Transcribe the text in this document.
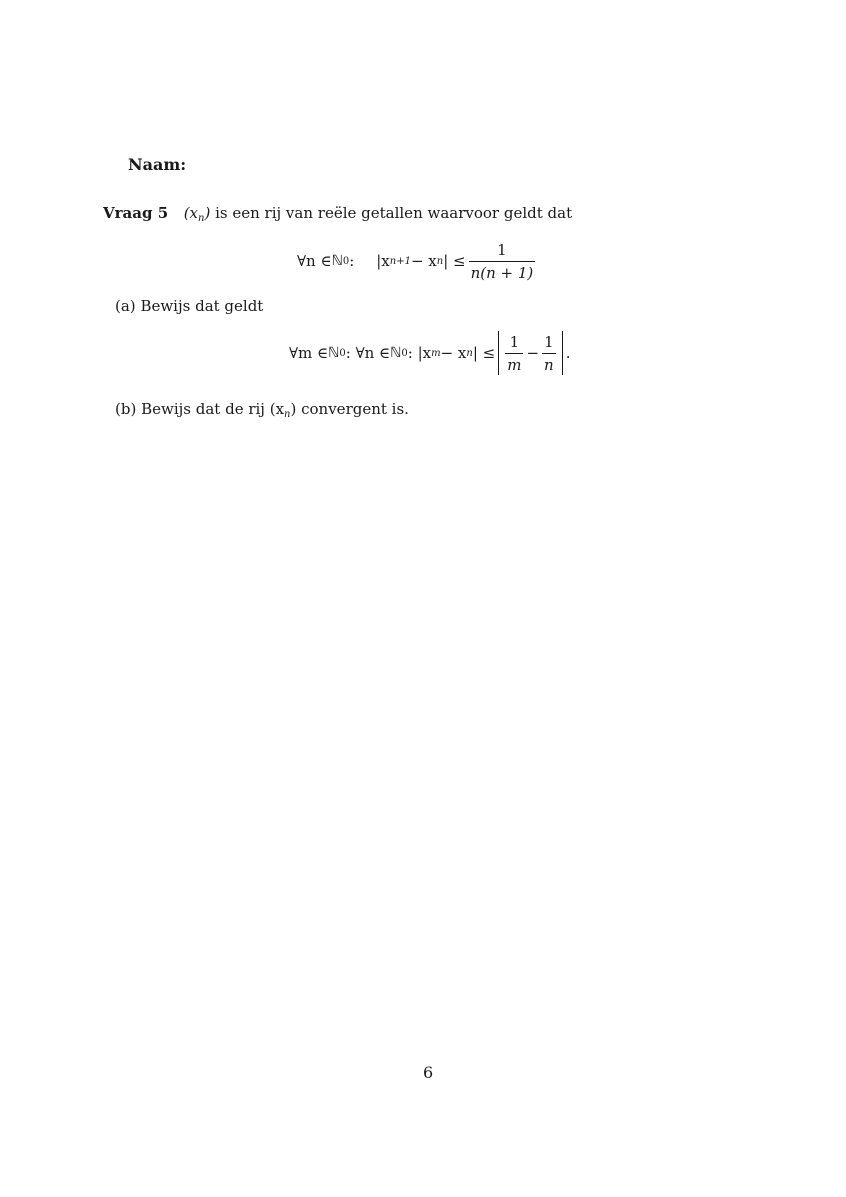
Naam:
Vraag 5 $(x_n)$ is een rij van reële getallen waarvoor geldt dat
∀n ∈ ℕ 0 : |x n+1 − x n | ≤ $\frac{1}{n(n + 1)}$
(a) Bewijs dat geldt
∀m ∈ ℕ 0 : ∀n ∈ ℕ 0 : |x m − x n | ≤ $\frac{1}{m} - \frac{1}{n}$ .
(b) Bewijs dat de rij $(x_n)$ convergent is.
6
